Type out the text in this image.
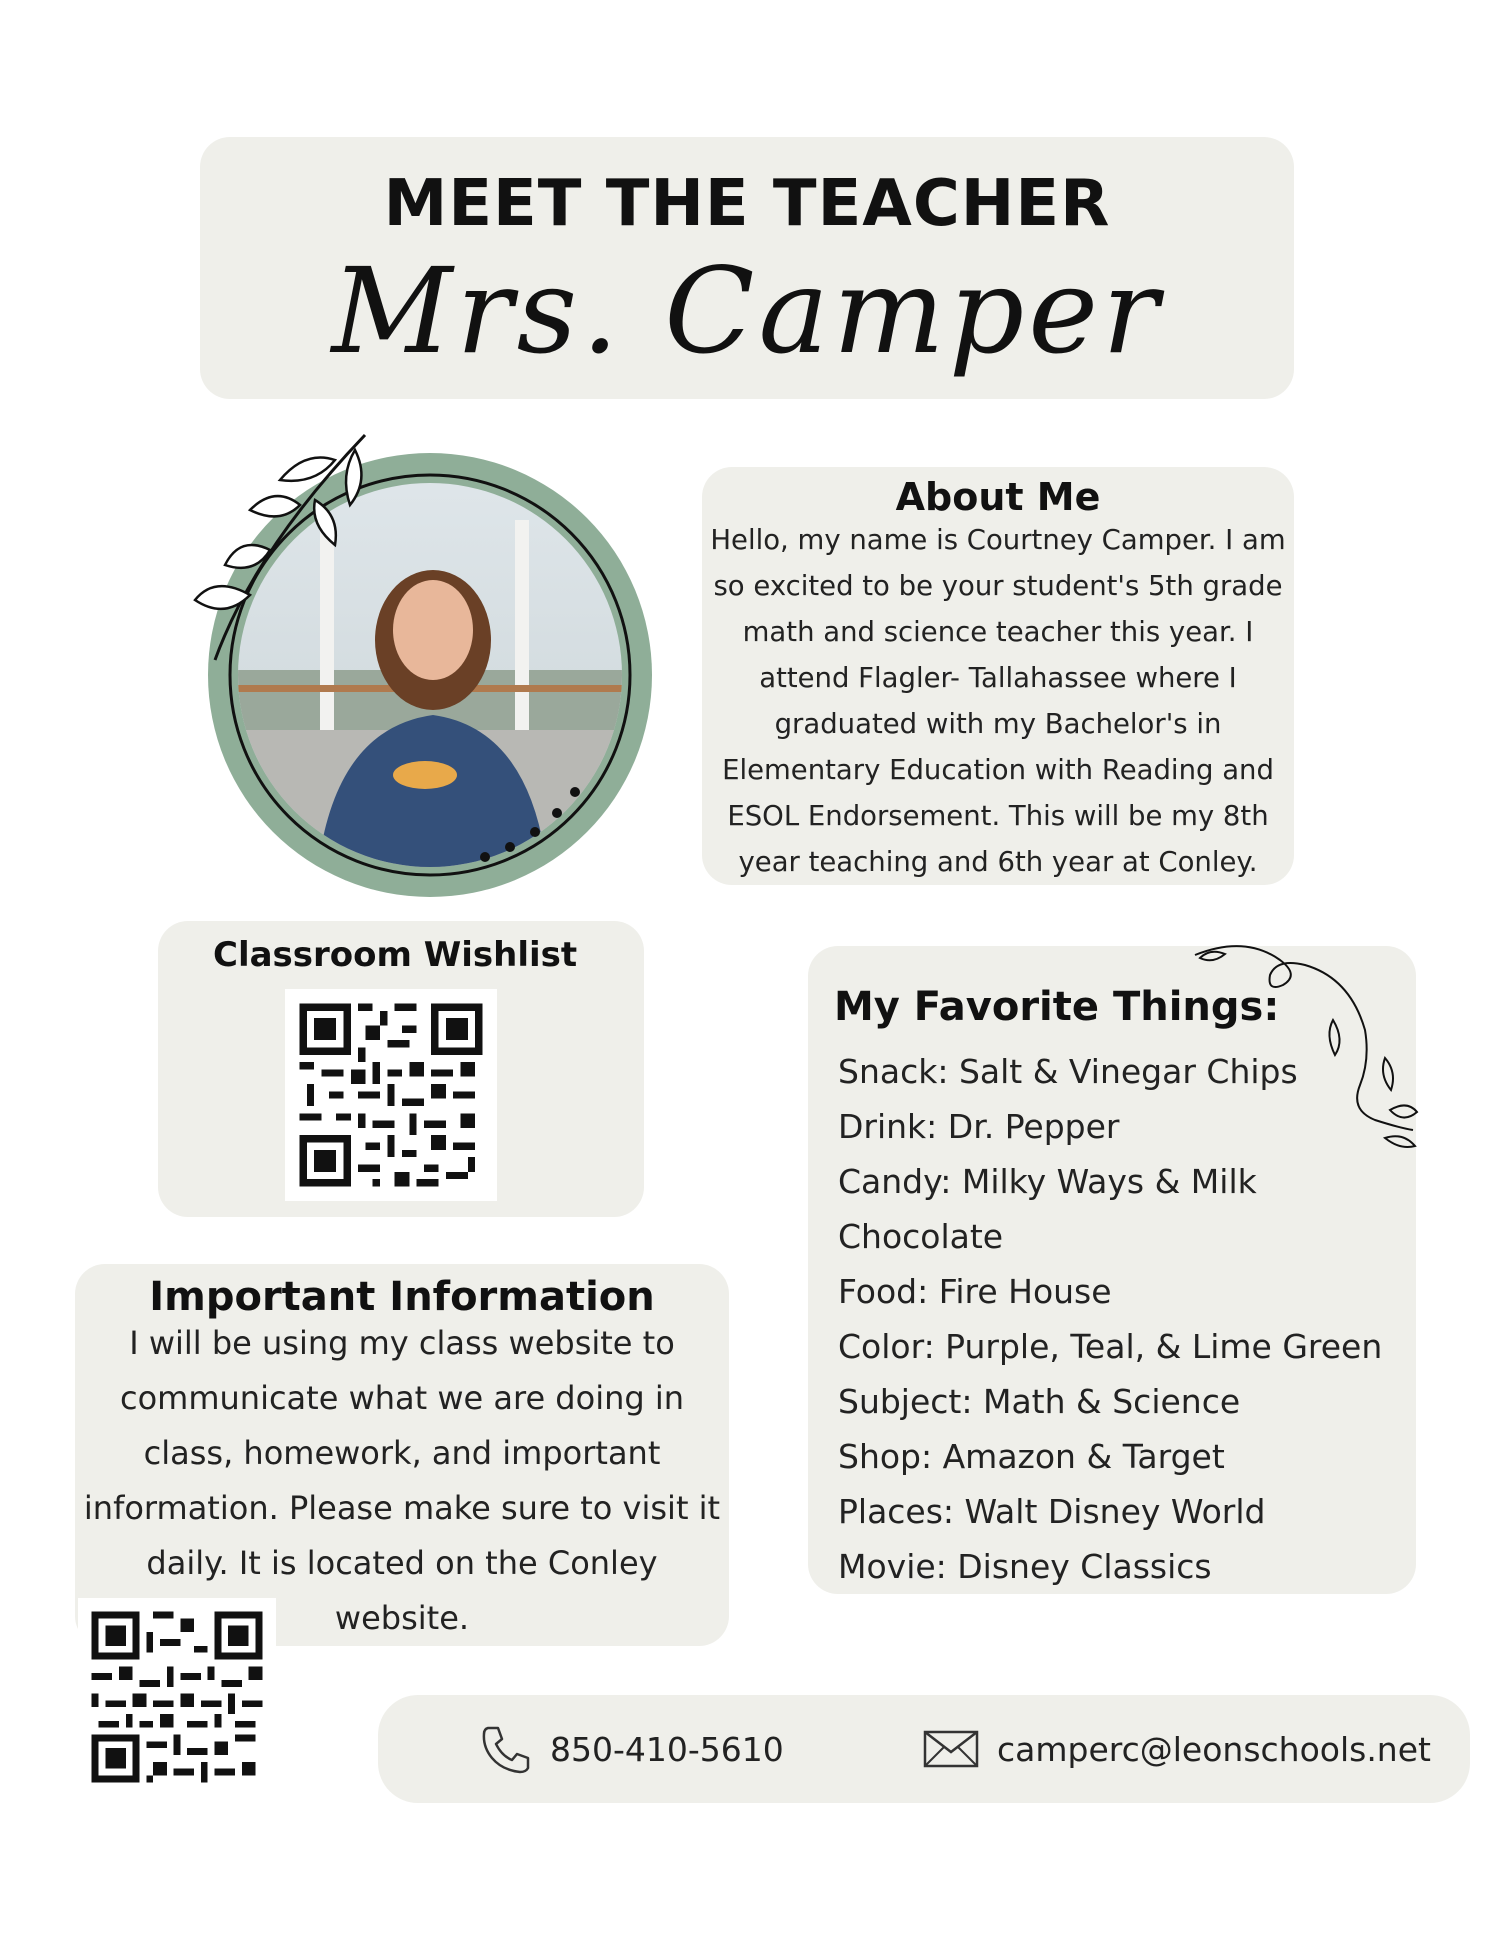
MEET THE TEACHER
Mrs. Camper
About Me

Hello, my name is Courtney Camper. I am so excited to be your student's 5th grade math and science teacher this year. I attend Flagler- Tallahassee where I graduated with my Bachelor's in Elementary Education with Reading and ESOL Endorsement. This will be my 8th year teaching and 6th year at Conley.

Classroom Wishlist
Important Information

I will be using my class website to communicate what we are doing in class, homework, and important information. Please make sure to visit it daily. It is located on the Conley website.

My Favorite Things:
Snack: Salt & Vinegar Chips
Drink: Dr. Pepper
Candy: Milky Ways & Milk Chocolate
Food: Fire House
Color: Purple, Teal, & Lime Green
Subject: Math & Science
Shop: Amazon & Target
Places: Walt Disney World
Movie: Disney Classics
850-410-5610	camperc@leonschools.net
